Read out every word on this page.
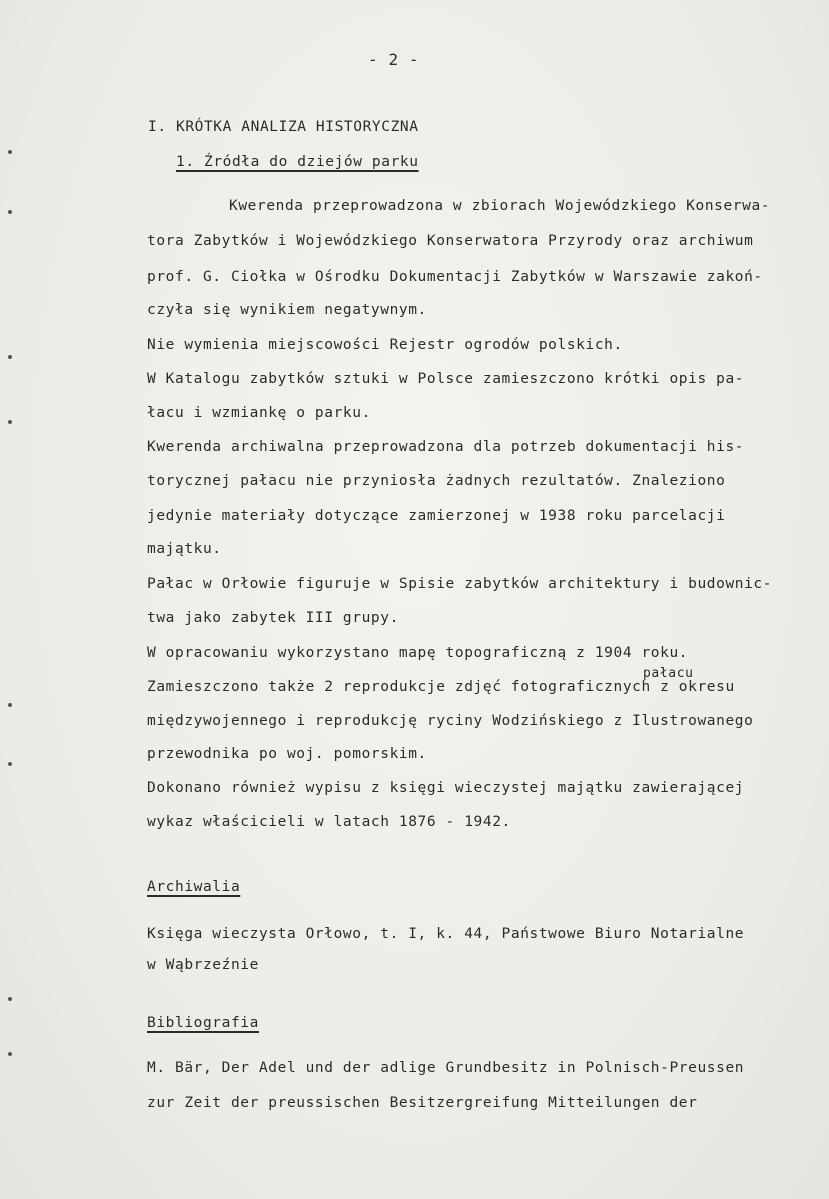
- 2 -
I. KRÓTKA ANALIZA HISTORYCZNA
1. Źródła do dziejów parku
Kwerenda przeprowadzona w zbiorach Wojewódzkiego Konserwa-
tora Zabytków i Wojewódzkiego Konserwatora Przyrody oraz archiwum
prof. G. Ciołka w Ośrodku Dokumentacji Zabytków w Warszawie zakoń-
czyła się wynikiem negatywnym.
Nie wymienia miejscowości Rejestr ogrodów polskich.
W Katalogu zabytków sztuki w Polsce zamieszczono krótki opis pa-
łacu i wzmiankę o parku.
Kwerenda archiwalna przeprowadzona dla potrzeb dokumentacji his-
torycznej pałacu nie przyniosła żadnych rezultatów. Znaleziono
jedynie materiały dotyczące zamierzonej w 1938 roku parcelacji
majątku.
Pałac w Orłowie figuruje w Spisie zabytków architektury i budownic-
twa jako zabytek III grupy.
W opracowaniu wykorzystano mapę topograficzną z 1904 roku.
pałacu
Zamieszczono także 2 reprodukcje zdjęć fotograficznych z okresu
międzywojennego i reprodukcję ryciny Wodzińskiego z Ilustrowanego
przewodnika po woj. pomorskim.
Dokonano również wypisu z księgi wieczystej majątku zawierającej
wykaz właścicieli w latach 1876 - 1942.
Archiwalia
Księga wieczysta Orłowo, t. I, k. 44, Państwowe Biuro Notarialne
w Wąbrzeźnie
Bibliografia
M. Bär, Der Adel und der adlige Grundbesitz in Polnisch-Preussen
zur Zeit der preussischen Besitzergreifung Mitteilungen der
